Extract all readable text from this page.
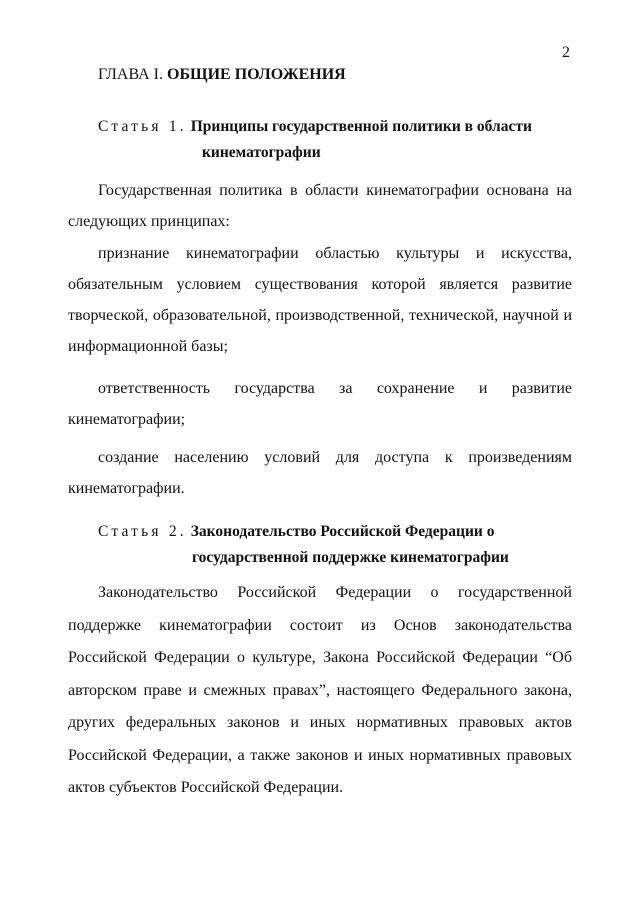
2
ГЛАВА I. ОБЩИЕ ПОЛОЖЕНИЯ
Статья 1. Принципы государственной политики в области
кинематографии
Государственная политика в области кинематографии основана на следующих принципах:
признание кинематографии областью культуры и искусства, обязательным условием существования которой является развитие творческой, образовательной, производственной, технической, научной и информационной базы;
ответственность государства за сохранение и развитие кинематографии;
создание населению условий для доступа к произведениям кинематографии.
Статья 2. Законодательство Российской Федерации о
государственной поддержке кинематографии
Законодательство Российской Федерации о государственной поддержке кинематографии состоит из Основ законодательства Российской Федерации о культуре, Закона Российской Федерации “Об авторском праве и смежных правах”, настоящего Федерального закона, других федеральных законов и иных нормативных правовых актов Российской Федерации, а также законов и иных нормативных правовых актов субъектов Российской Федерации.
